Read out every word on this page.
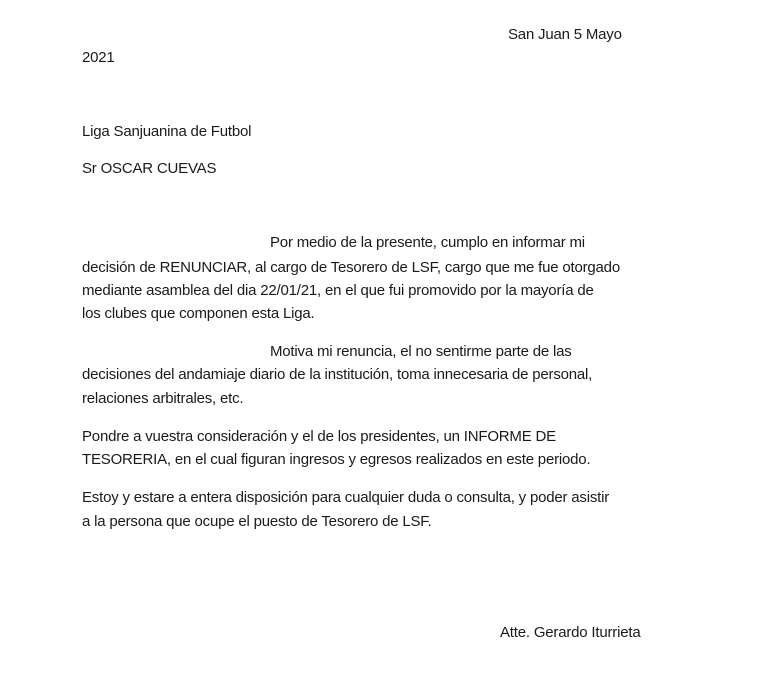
San Juan 5 Mayo
2021
Liga Sanjuanina de Futbol
Sr OSCAR CUEVAS
Por medio de la presente, cumplo en informar mi
decisión de RENUNCIAR, al cargo de Tesorero de LSF, cargo que me fue otorgado
mediante asamblea del dia 22/01/21, en el que fui promovido por la mayoría de
los clubes que componen esta Liga.
Motiva mi renuncia, el no sentirme parte de las
decisiones del andamiaje diario de la institución, toma innecesaria de personal,
relaciones arbitrales, etc.
Pondre a vuestra consideración y el de los presidentes, un INFORME DE
TESORERIA, en el cual figuran ingresos y egresos realizados en este periodo.
Estoy y estare a entera disposición para cualquier duda o consulta, y poder asistir
a la persona que ocupe el puesto de Tesorero de LSF.
Atte. Gerardo Iturrieta
